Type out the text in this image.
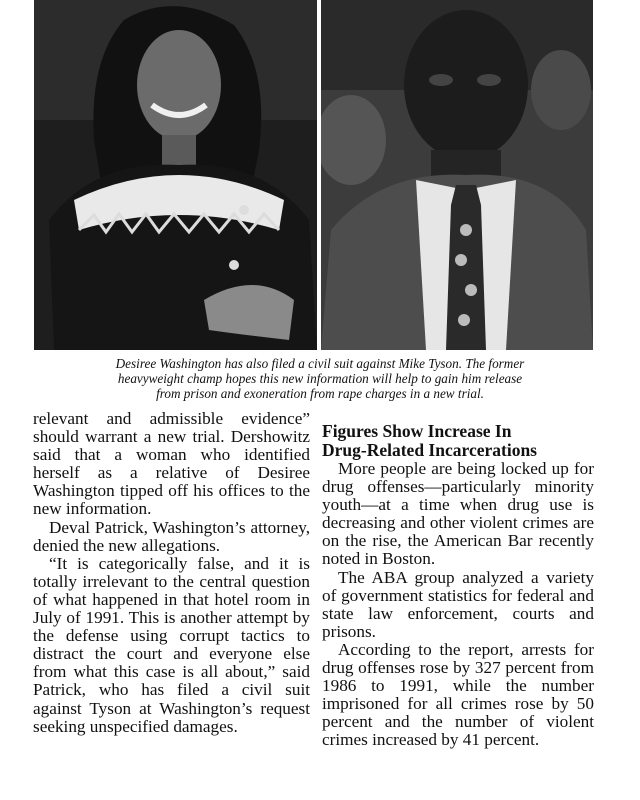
Desiree Washington has also filed a civil suit against Mike Tyson. The former
heavyweight champ hopes this new information will help to gain him release
from prison and exoneration from rape charges in a new trial.

relevant and admissible evidence” should warrant a new trial. Dershowitz said that a woman who identified herself as a relative of Desiree Washington tipped off his offices to the new information.

Deval Patrick, Washington’s attorney, denied the new allegations.

“It is categorically false, and it is totally irrelevant to the central question of what happened in that hotel room in July of 1991. This is another attempt by the defense using corrupt tactics to distract the court and everyone else from what this case is all about,” said Patrick, who has filed a civil suit against Tyson at Washington’s request seeking unspecified damages.

Figures Show Increase In
Drug-Related Incarcerations

More people are being locked up for drug offenses—particularly minority youth—at a time when drug use is decreasing and other violent crimes are on the rise, the American Bar recently noted in Boston.

The ABA group analyzed a variety of government statistics for federal and state law enforcement, courts and prisons.

According to the report, arrests for drug offenses rose by 327 percent from 1986 to 1991, while the number imprisoned for all crimes rose by 50 percent and the number of violent crimes increased by 41 percent.
